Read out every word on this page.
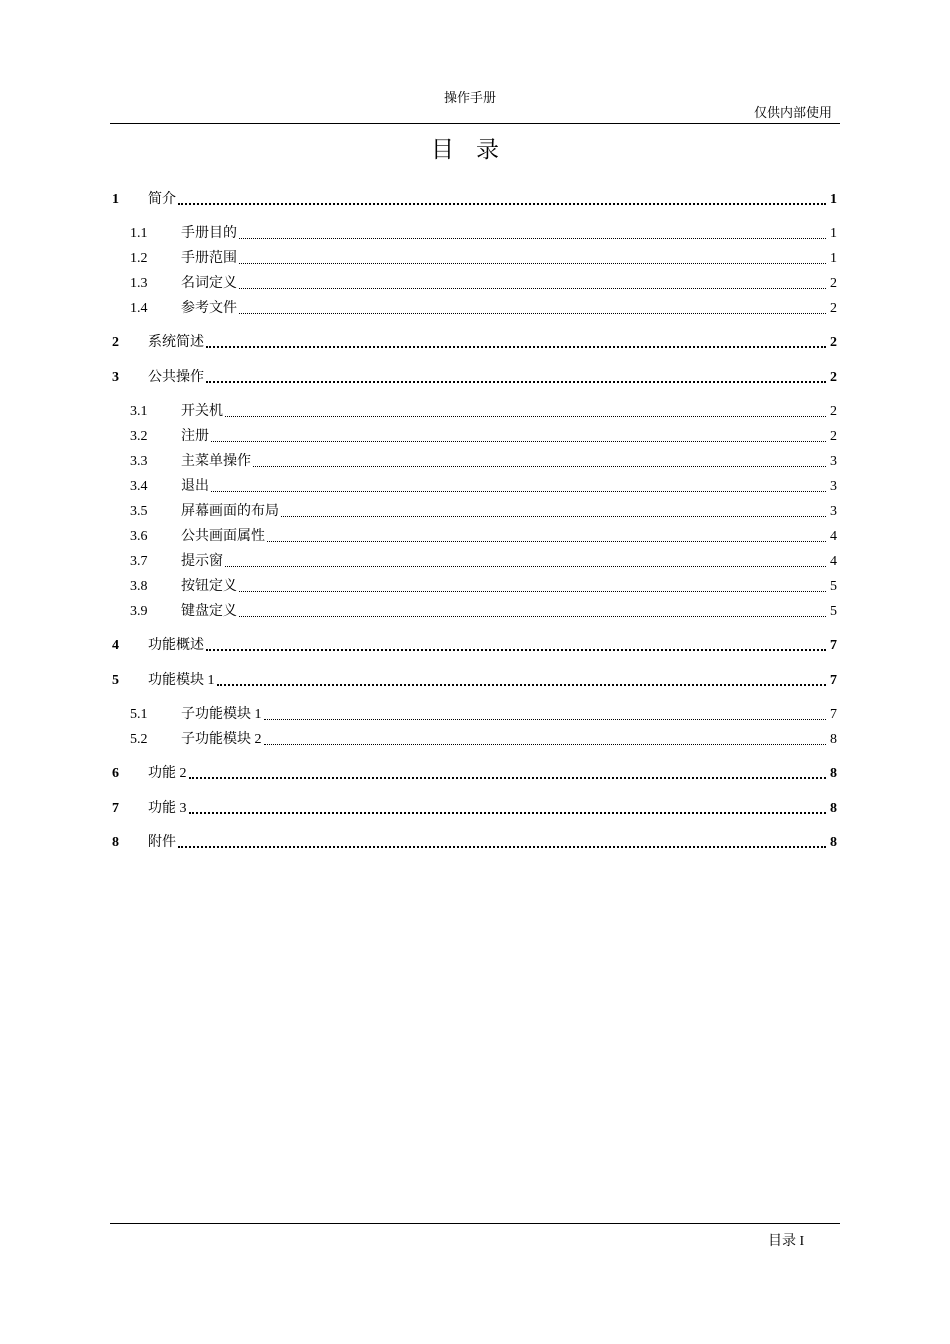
操作手册
仅供内部使用
目录
1	简介	1
1.1	手册目的	1
1.2	手册范围	1
1.3	名词定义	2
1.4	参考文件	2
2	系统简述	2
3	公共操作	2
3.1	开关机	2
3.2	注册	2
3.3	主菜单操作	3
3.4	退出	3
3.5	屏幕画面的布局	3
3.6	公共画面属性	4
3.7	提示窗	4
3.8	按钮定义	5
3.9	键盘定义	5
4	功能概述	7
5	功能模块 1	7
5.1	子功能模块 1	7
5.2	子功能模块 2	8
6	功能 2	8
7	功能 3	8
8	附件	8
目录 I
